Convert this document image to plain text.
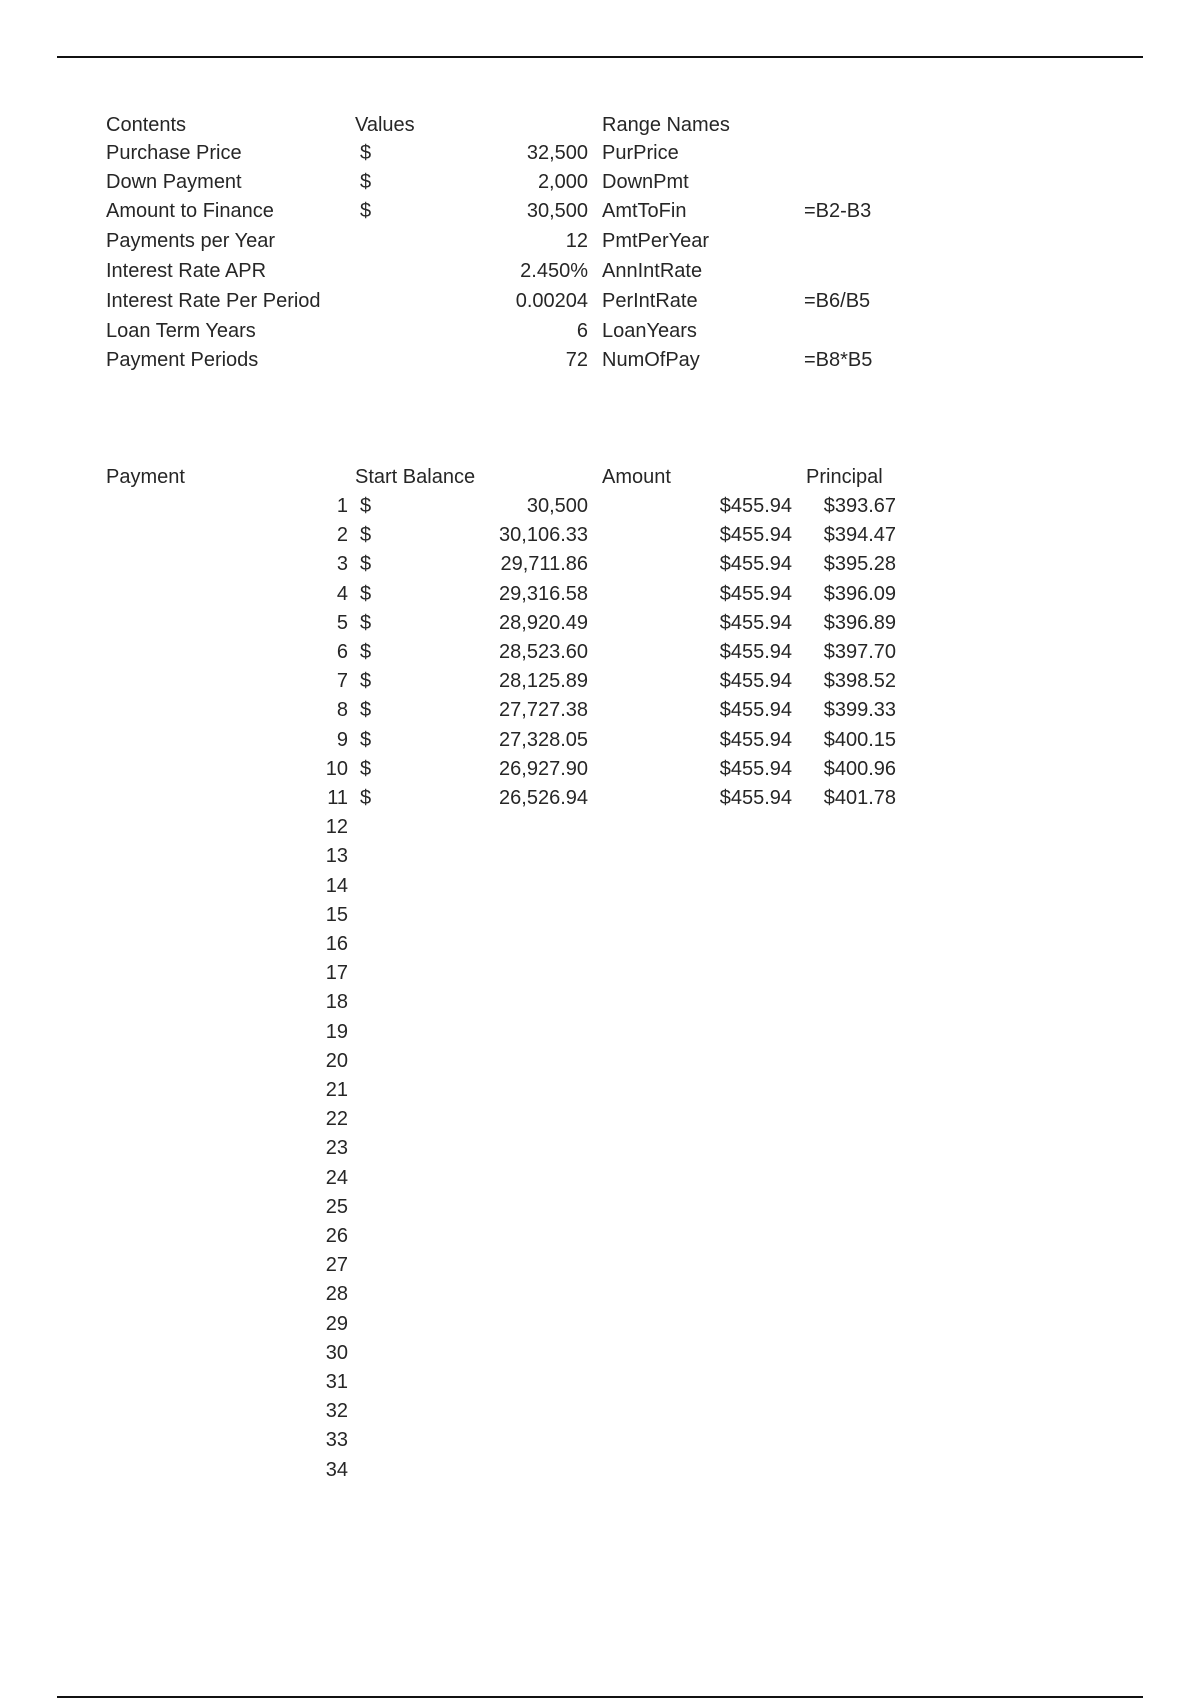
Contents	Values	Range Names
Purchase Price	$	32,500 PurPrice
Down Payment	$	2,000 DownPmt
Amount to Finance	$	30,500 AmtToFin	=B2-B3
Payments per Year	12 PmtPerYear
Interest Rate APR	2.450% AnnIntRate
Interest Rate Per Period	0.00204 PerIntRate	=B6/B5
Loan Term Years	6 LoanYears
Payment Periods	72 NumOfPay	=B8*B5
Payment	Start Balance	Amount	Principal
1 $	30,500	$455.94	$393.67
2 $	30,106.33	$455.94	$394.47
3 $	29,711.86	$455.94	$395.28
4 $	29,316.58	$455.94	$396.09
5 $	28,920.49	$455.94	$396.89
6 $	28,523.60	$455.94	$397.70
7 $	28,125.89	$455.94	$398.52
8 $	27,727.38	$455.94	$399.33
9 $	27,328.05	$455.94	$400.15
10 $	26,927.90	$455.94	$400.96
11 $	26,526.94	$455.94	$401.78
12
13
14
15
16
17
18
19
20
21
22
23
24
25
26
27
28
29
30
31
32
33
34
